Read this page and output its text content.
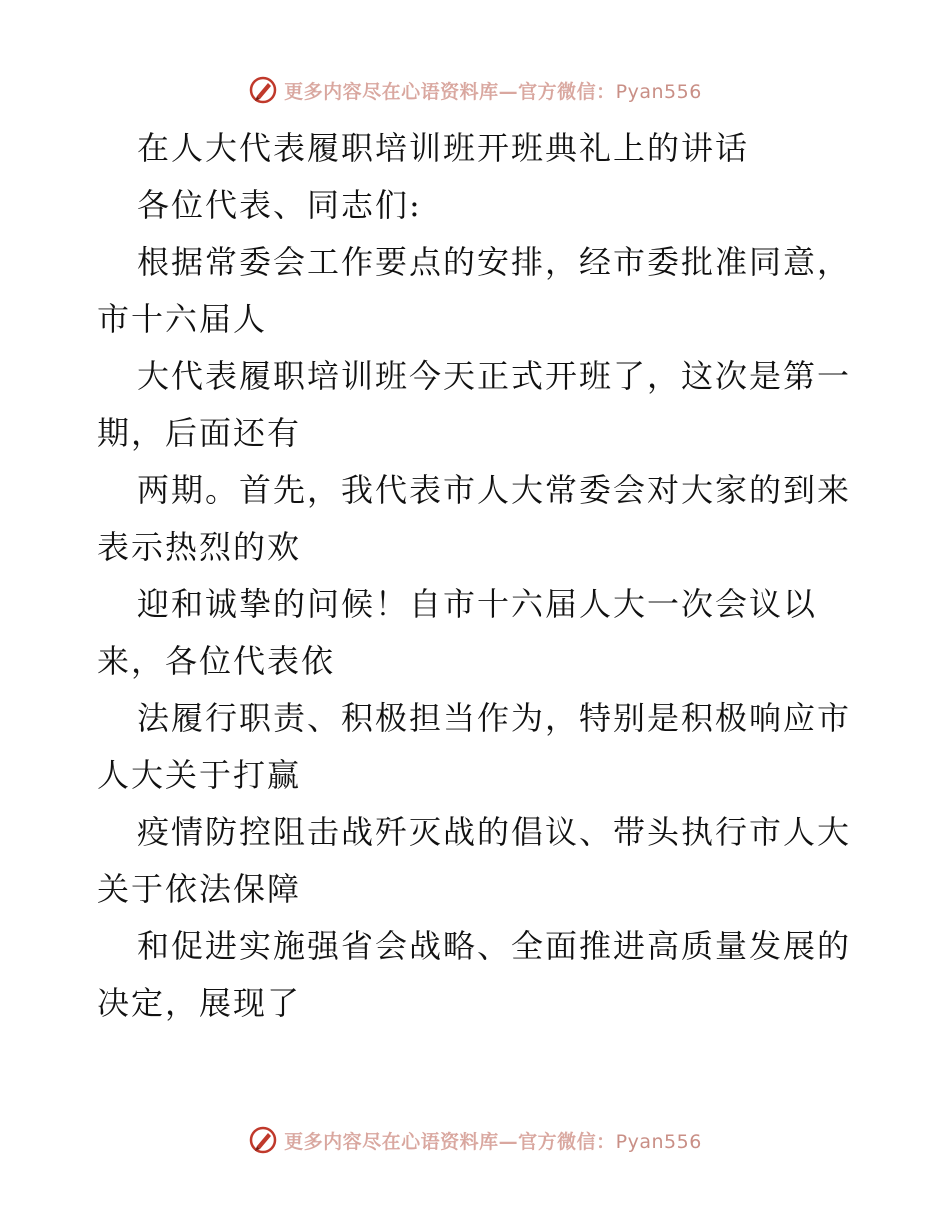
更多内容尽在心语资料库—官方微信：Pyan556
在人大代表履职培训班开班典礼上的讲话
各位代表、同志们:
根据常委会工作要点的安排，经市委批准同意，
市十六届人
大代表履职培训班今天正式开班了，这次是第一
期，后面还有
两期。首先，我代表市人大常委会对大家的到来
表示热烈的欢
迎和诚挚的问候！自市十六届人大一次会议以
来，各位代表依
法履行职责、积极担当作为，特别是积极响应市
人大关于打赢
疫情防控阻击战歼灭战的倡议、带头执行市人大
关于依法保障
和促进实施强省会战略、全面推进高质量发展的
决定，展现了
更多内容尽在心语资料库—官方微信：Pyan556
